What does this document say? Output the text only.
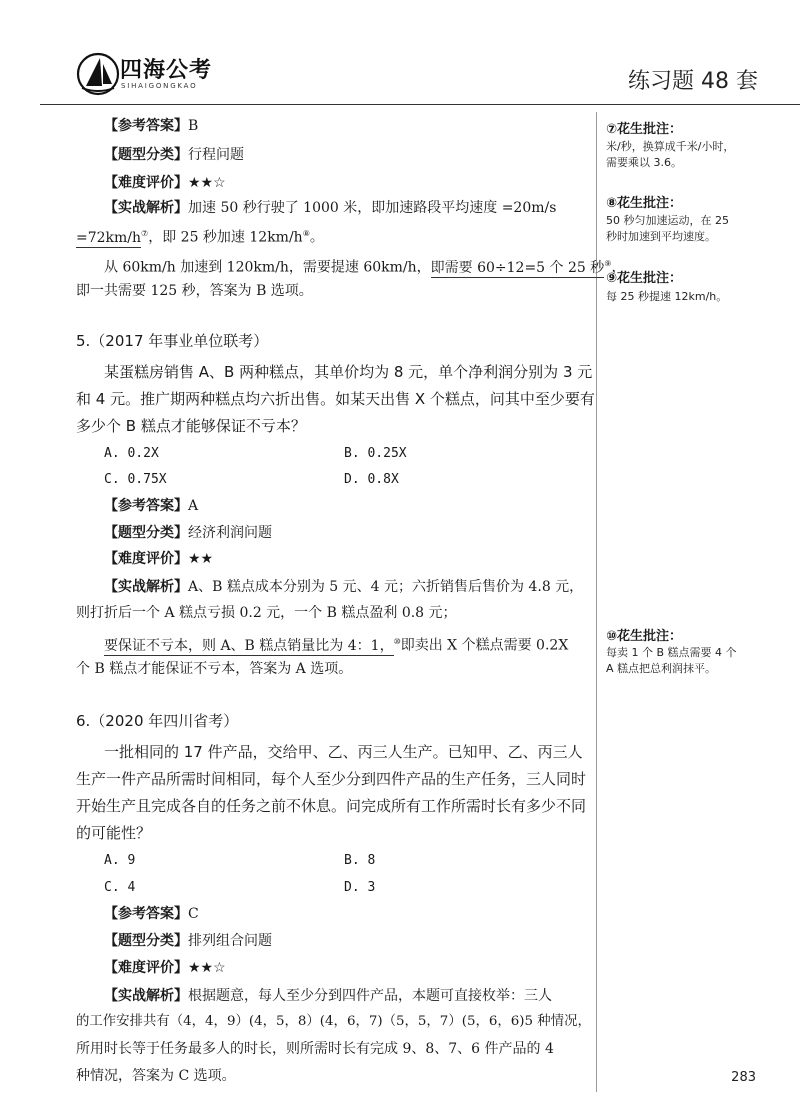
四海公考
SIHAIGONGKAO	练习题 48 套
【参考答案】B
【题型分类】行程问题
【难度评价】★★☆
【实战解析】加速 50 秒行驶了 1000 米，即加速路段平均速度 =20m/s
=72km/h⑦，即 25 秒加速 12km/h⑧。
从 60km/h 加速到 120km/h，需要提速 60km/h，即需要 60÷12=5 个 25 秒⑨，
即一共需要 125 秒，答案为 B 选项。
5.（2017 年事业单位联考）
某蛋糕房销售 A、B 两种糕点，其单价均为 8 元，单个净利润分别为 3 元
和 4 元。推广期两种糕点均六折出售。如某天出售 X 个糕点，问其中至少要有
多少个 B 糕点才能够保证不亏本？
A. 0.2X	B. 0.25X
C. 0.75X	D. 0.8X
【参考答案】A
【题型分类】经济利润问题
【难度评价】★★
【实战解析】A、B 糕点成本分别为 5 元、4 元；六折销售后售价为 4.8 元，
则打折后一个 A 糕点亏损 0.2 元，一个 B 糕点盈利 0.8 元；
要保证不亏本，则 A、B 糕点销量比为 4：1，⑩即卖出 X 个糕点需要 0.2X
个 B 糕点才能保证不亏本，答案为 A 选项。
6.（2020 年四川省考）
一批相同的 17 件产品，交给甲、乙、丙三人生产。已知甲、乙、丙三人
生产一件产品所需时间相同，每个人至少分到四件产品的生产任务，三人同时
开始生产且完成各自的任务之前不休息。问完成所有工作所需时长有多少不同
的可能性？
A. 9	B. 8
C. 4	D. 3
【参考答案】C
【题型分类】排列组合问题
【难度评价】★★☆
【实战解析】根据题意，每人至少分到四件产品，本题可直接枚举：三人
的工作安排共有（4，4，9）(4，5，8）(4，6，7)（5，5，7）(5，6，6)5 种情况，
所用时长等于任务最多人的时长，则所需时长有完成 9、8、7、6 件产品的 4
种情况，答案为 C 选项。
⑦花生批注：
米/秒，换算成千米/小时，
需要乘以 3.6。
⑧花生批注：
50 秒匀加速运动，在 25
秒时加速到平均速度。
⑨花生批注：
每 25 秒提速 12km/h。
⑩花生批注：
每卖 1 个 B 糕点需要 4 个
A 糕点把总利润抹平。
283
